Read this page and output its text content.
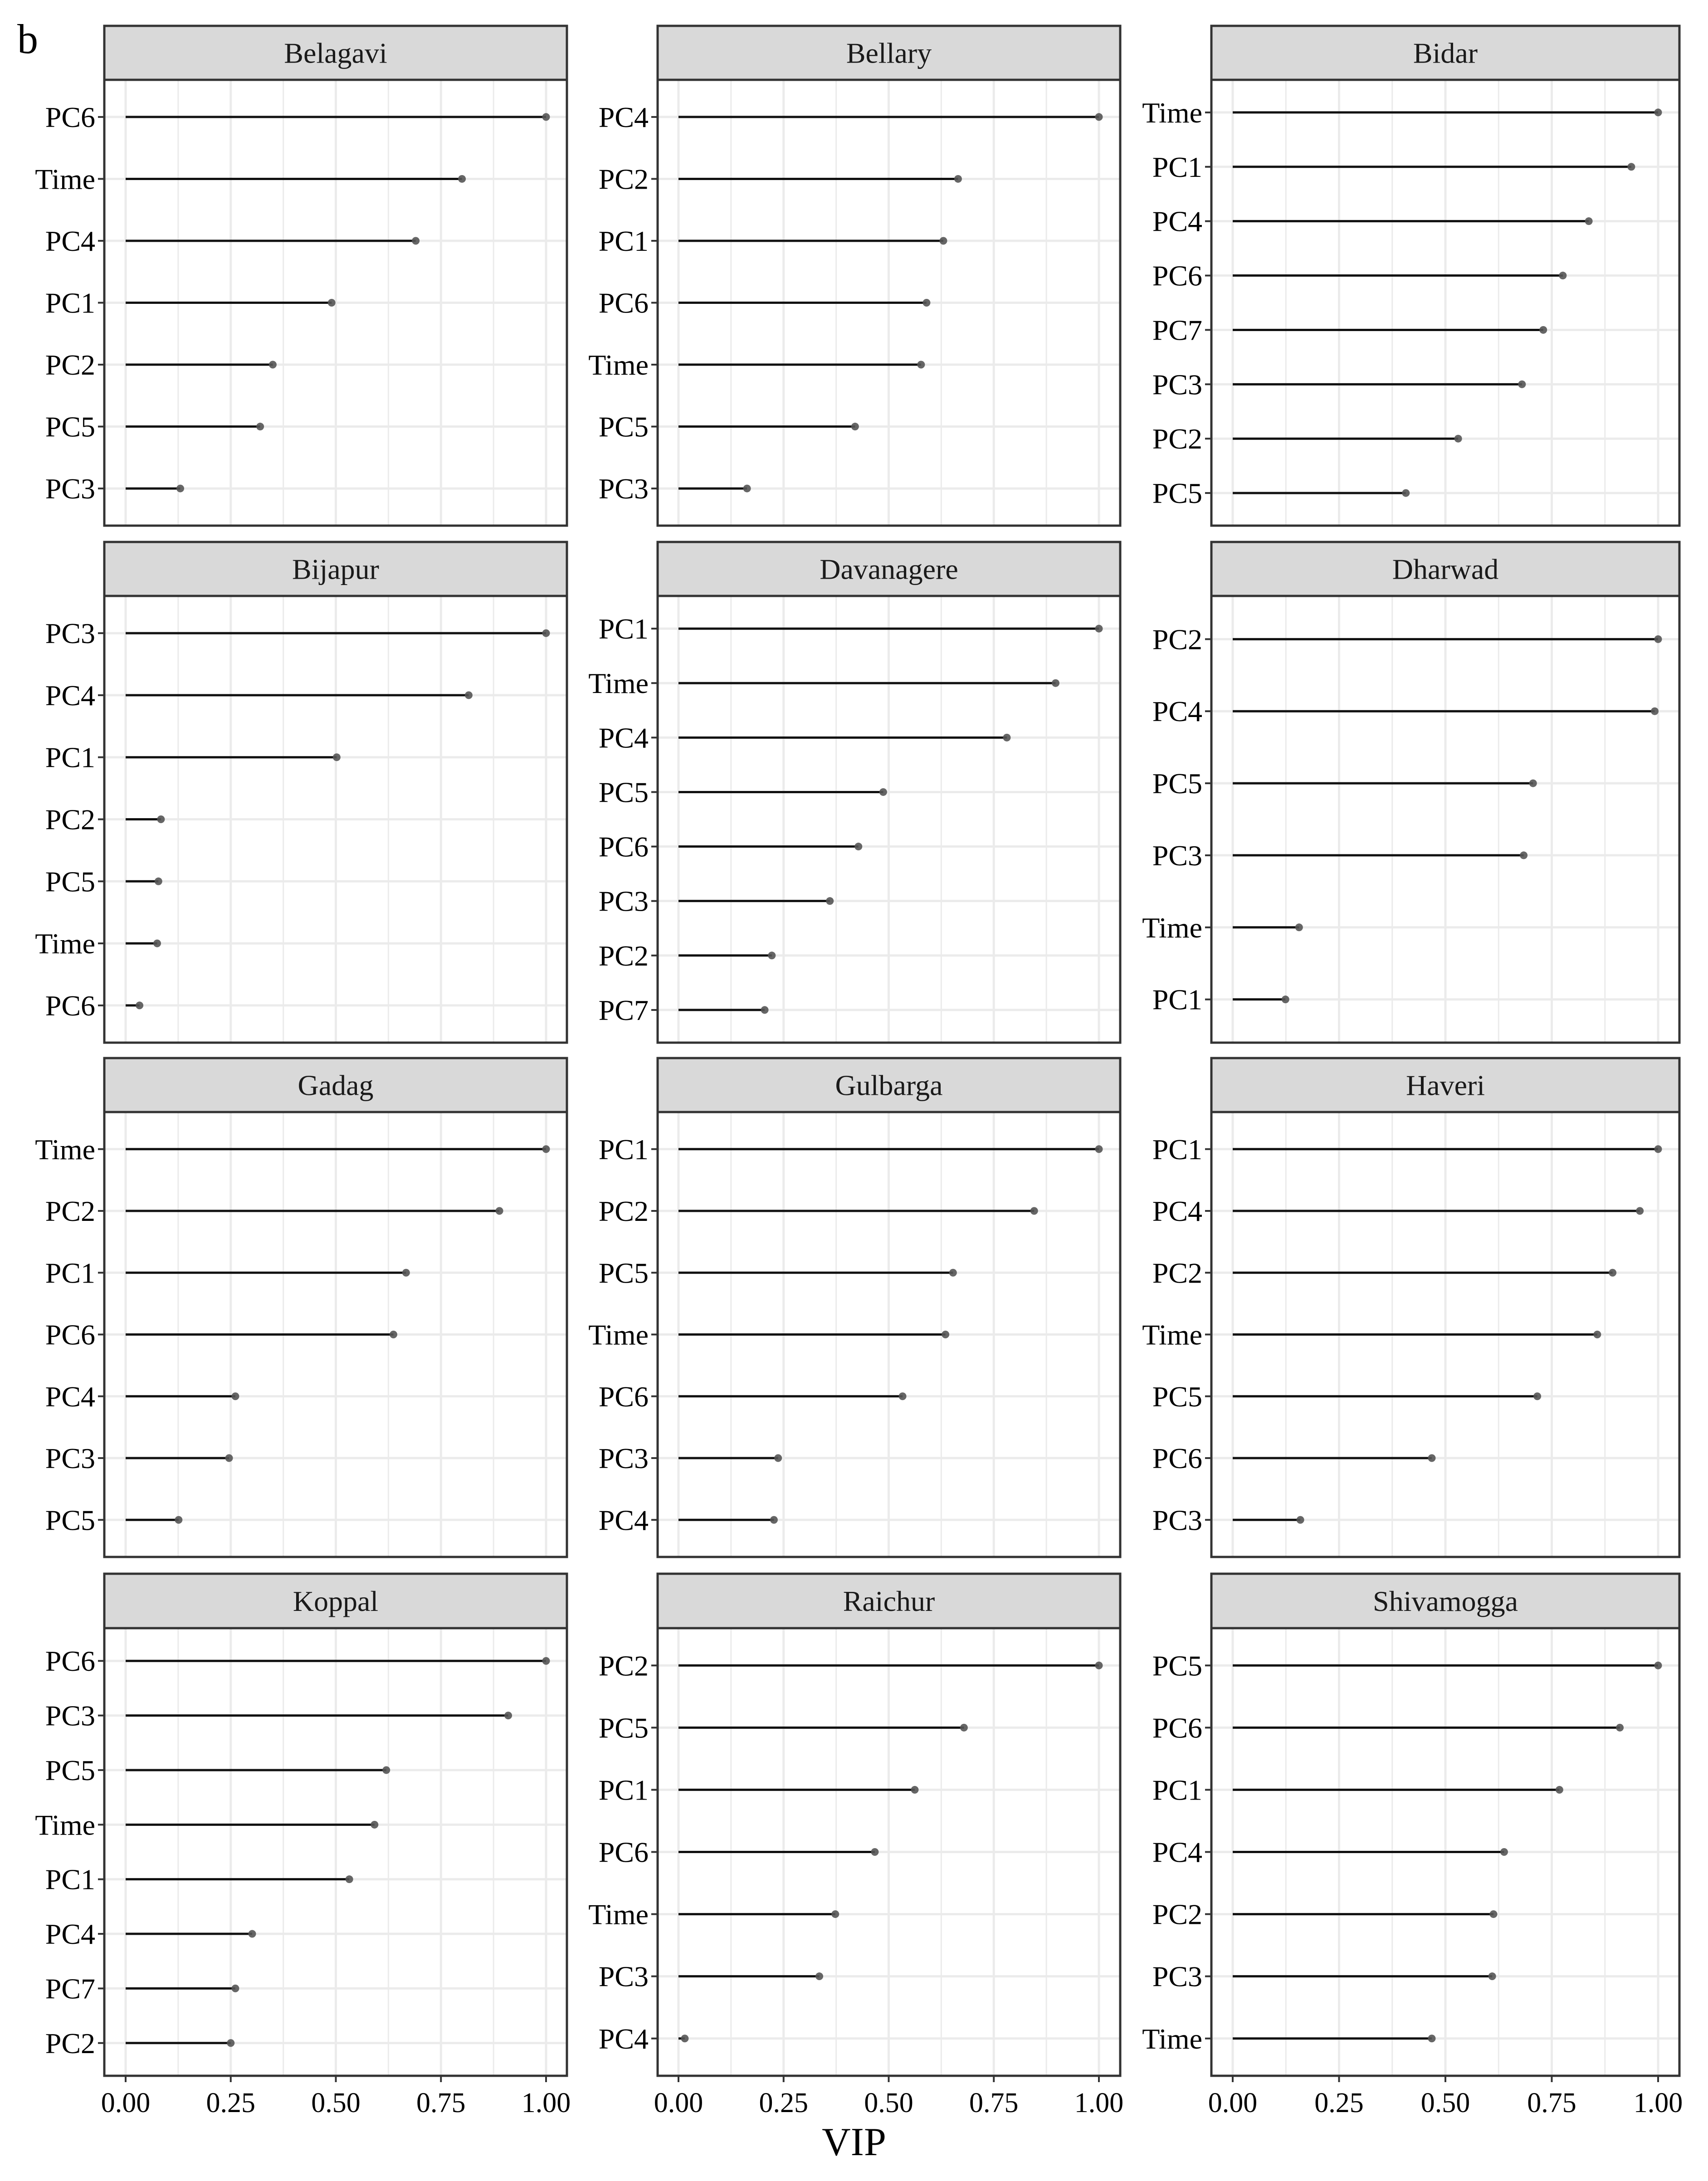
b
PC6
Time
PC4
PC1
PC2
PC5
PC3
Belagavi
PC4
PC2
PC1
PC6
Time
PC5
PC3
Bellary
Time
PC1
PC4
PC6
PC7
PC3
PC2
PC5
Bidar
PC3
PC4
PC1
PC2
PC5
Time
PC6
Bijapur
PC1
Time
PC4
PC5
PC6
PC3
PC2
PC7
Davanagere
PC2
PC4
PC5
PC3
Time
PC1
Dharwad
Time
PC2
PC1
PC6
PC4
PC3
PC5
Gadag
PC1
PC2
PC5
Time
PC6
PC3
PC4
Gulbarga
PC1
PC4
PC2
Time
PC5
PC6
PC3
Haveri
PC6
PC3
PC5
Time
PC1
PC4
PC7
PC2
Koppal
0.00 0.25 0.50 0.75 1.00
PC2
PC5
PC1
PC6
Time
PC3
PC4
Raichur
0.00 0.25 0.50 0.75 1.00
PC5
PC6
PC1
PC4
PC2
PC3
Time
Shivamogga
0.00 0.25 0.50 0.75 1.00
VIP
